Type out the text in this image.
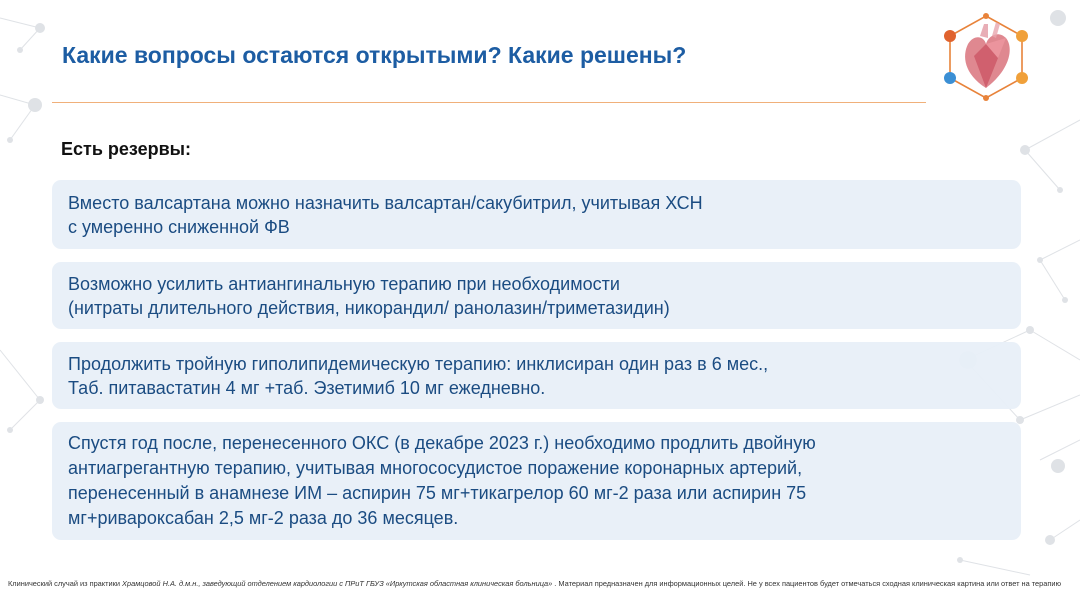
Какие вопросы остаются открытыми? Какие решены?
Есть резервы:
Вместо валсартана можно назначить валсартан/сакубитрил, учитывая ХСН
с умеренно сниженной ФВ
Возможно усилить антиангинальную терапию при необходимости
(нитраты длительного действия, никорандил/ ранолазин/триметазидин)
Продолжить тройную гиполипидемическую терапию: инклисиран один раз в 6 мес.,
Таб. питавастатин 4 мг +таб. Эзетимиб 10 мг ежедневно.
Спустя год после, перенесенного ОКС (в декабре 2023 г.) необходимо продлить двойную
антиагрегантную терапию, учитывая многососудистое поражение коронарных артерий,
перенесенный в анамнезе ИМ – аспирин 75 мг+тикагрелор 60 мг-2 раза или аспирин 75
мг+ривароксабан 2,5 мг-2 раза до 36 месяцев.
Клинический случай из практики Храмцовой Н.А. д.м.н., заведующий отделением кардиологии с ПРиТ ГБУЗ «Иркутская областная клиническая больница» . Материал предназначен для информационных целей. Не у всех пациентов будет отмечаться сходная клиническая картина или ответ на терапию
